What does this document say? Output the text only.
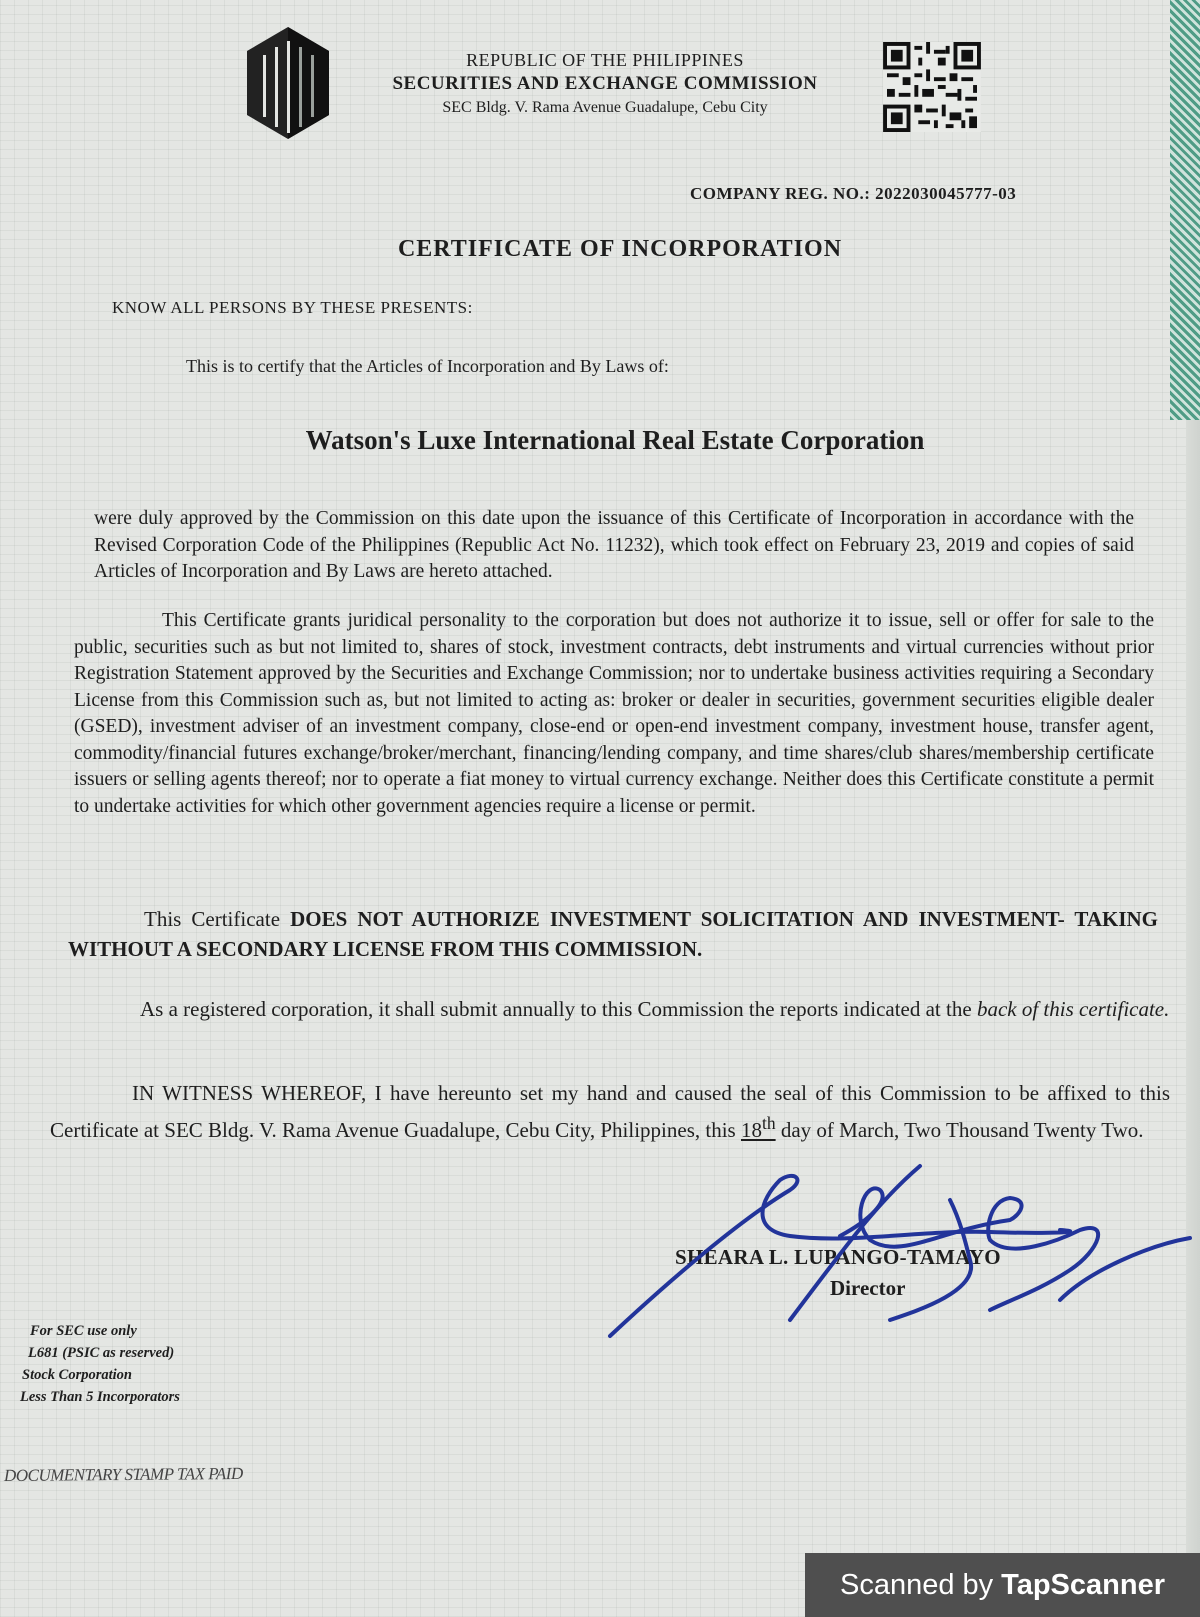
REPUBLIC OF THE PHILIPPINES
SECURITIES AND EXCHANGE COMMISSION
SEC Bldg. V. Rama Avenue Guadalupe, Cebu City
COMPANY REG. NO.: 2022030045777-03
CERTIFICATE OF INCORPORATION
KNOW ALL PERSONS BY THESE PRESENTS:
This is to certify that the Articles of Incorporation and By Laws of:
Watson's Luxe International Real Estate Corporation
were duly approved by the Commission on this date upon the issuance of this Certificate of Incorporation in accordance with the Revised Corporation Code of the Philippines (Republic Act No. 11232), which took effect on February 23, 2019 and copies of said Articles of Incorporation and By Laws are hereto attached.
This Certificate grants juridical personality to the corporation but does not authorize it to issue, sell or offer for sale to the public, securities such as but not limited to, shares of stock, investment contracts, debt instruments and virtual currencies without prior Registration Statement approved by the Securities and Exchange Commission; nor to undertake business activities requiring a Secondary License from this Commission such as, but not limited to acting as: broker or dealer in securities, government securities eligible dealer (GSED), investment adviser of an investment company, close-end or open-end investment company, investment house, transfer agent, commodity/financial futures exchange/broker/merchant, financing/lending company, and time shares/club shares/membership certificate issuers or selling agents thereof; nor to operate a fiat money to virtual currency exchange. Neither does this Certificate constitute a permit to undertake activities for which other government agencies require a license or permit.
This Certificate DOES NOT AUTHORIZE INVESTMENT SOLICITATION AND INVESTMENT- TAKING WITHOUT A SECONDARY LICENSE FROM THIS COMMISSION.
As a registered corporation, it shall submit annually to this Commission the reports indicated at the back of this certificate.
IN WITNESS WHEREOF, I have hereunto set my hand and caused the seal of this Commission to be affixed to this Certificate at SEC Bldg. V. Rama Avenue Guadalupe, Cebu City, Philippines, this 18th day of March, Two Thousand Twenty Two.
SHEARA L. LUPANGO-TAMAYO
Director
For SEC use only
L681 (PSIC as reserved)
Stock Corporation
Less Than 5 Incorporators
DOCUMENTARY STAMP TAX PAID
Scanned by TapScanner
